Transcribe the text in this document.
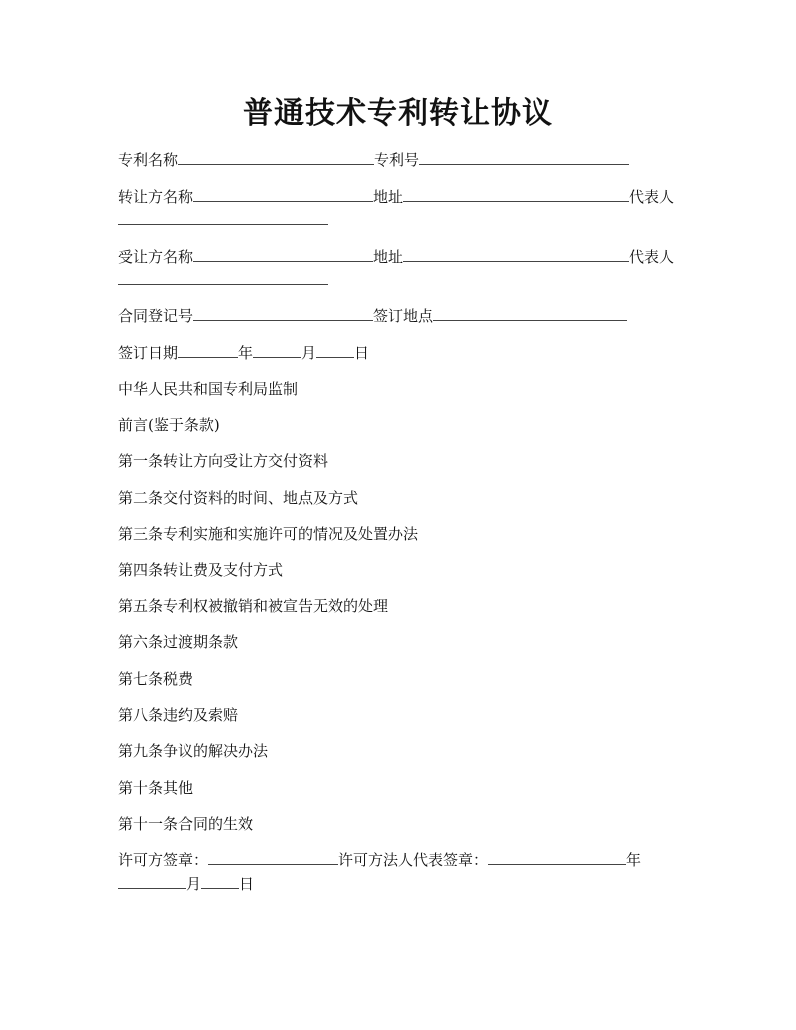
普通技术专利转让协议
专利名称	专利号
转让方名称	地址	代表人
受让方名称	地址	代表人
合同登记号	签订地点
签订日期	年	月	日
中华人民共和国专利局监制
前言(鉴于条款)
第一条转让方向受让方交付资料
第二条交付资料的时间、地点及方式
第三条专利实施和实施许可的情况及处置办法
第四条转让费及支付方式
第五条专利权被撤销和被宣告无效的处理
第六条过渡期条款
第七条税费
第八条违约及索赔
第九条争议的解决办法
第十条其他
第十一条合同的生效
许可方签章：	许可方法人代表签章：	年
月	日
